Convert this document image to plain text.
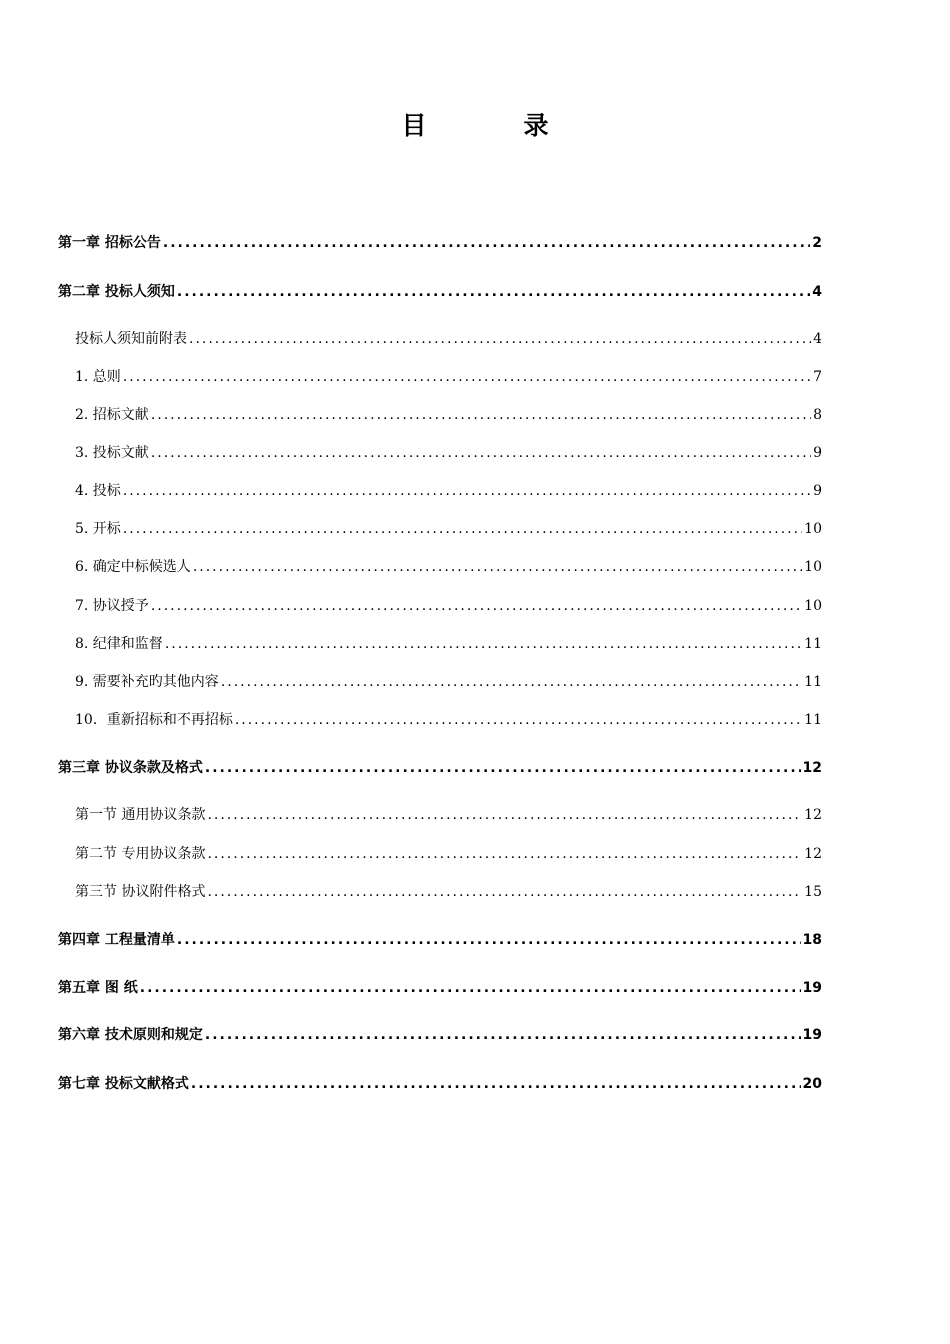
目　录
第一章 招标公告 .....	2
第二章 投标人须知 .....	4
投标人须知前附表 .....	4
1. 总则 .....	7
2. 招标文献 .....	8
3. 投标文献 .....	9
4. 投标 .....	9
5. 开标 .....	10
6. 确定中标候选人 .....	10
7. 协议授予 .....	10
8. 纪律和监督 .....	11
9. 需要补充旳其他内容 .....	11
10．重新招标和不再招标 .....	11
第三章 协议条款及格式 .....	12
第一节 通用协议条款 .....	12
第二节 专用协议条款 .....	12
第三节 协议附件格式 .....	15
第四章 工程量清单 .....	18
第五章 图 纸 .....	19
第六章 技术原则和规定 .....	19
第七章 投标文献格式 .....	20
